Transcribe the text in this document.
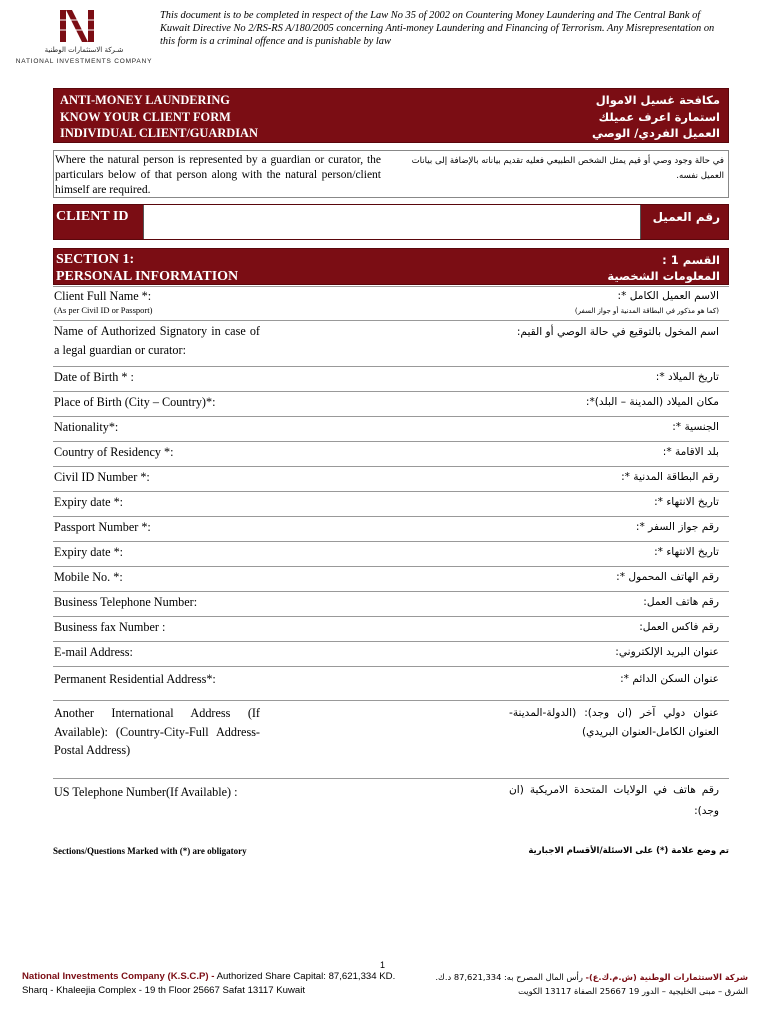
شـركة الاستثمارات الوطنية
NATIONAL INVESTMENTS COMPANY
This document is to be completed in respect of the Law No 35 of 2002 on Countering Money Laundering and The Central Bank of Kuwait Directive No 2/RS-RS A/180/2005 concerning Anti-money Laundering and Financing of Terrorism. Any Misrepresentation on this form is a criminal offence and is punishable by law
ANTI-MONEY LAUNDERING
KNOW YOUR CLIENT FORM
INDIVIDUAL CLIENT/GUARDIAN
مكافحة غسيل الاموال
استمارة اعرف عميلك
العميل الفردي/ الوصي
Where the natural person is represented by a guardian or curator, the particulars below of that person along with the natural person/client himself are required.
في حالة وجود وصي أو قيم يمثل الشخص الطبيعي فعليه تقديم بياناته بالإضافة إلى بيانات العميل نفسه.
CLIENT ID	رقم العميل
SECTION 1:
PERSONAL INFORMATION
القسم 1 :
المعلومات الشخصية
Client Full Name *:
(As per Civil ID or Passport)
الاسم العميل الكامل *:
(كما هو مذكور في البطاقة المدنية أو جواز السفر)
Name of Authorized Signatory in case of a legal guardian or curator:
اسم المخول بالتوقيع في حالة الوصي أو القيم:
Date of Birth * :	تاريخ الميلاد *:
Place of Birth (City – Country)*:	مكان الميلاد (المدينة – البلد)*:
Nationality*:	الجنسية *:
Country of Residency *:	بلد الاقامة *:
Civil ID Number *:	رقم البطاقة المدنية *:
Expiry date *:	تاريخ الانتهاء *:
Passport Number *:	رقم جواز السفر *:
Expiry date *:	تاريخ الانتهاء *:
Mobile No. *:	رقم الهاتف المحمول *:
Business Telephone Number:	رقم هاتف العمل:
Business fax Number :	رقم فاكس العمل:
E-mail Address:	عنوان البريد الإلكتروني:
Permanent Residential Address*:	عنوان السكن الدائم *:
Another International Address (If Available): (Country-City-Full Address-Postal Address)
عنوان دولي آخر (ان وجد): (الدولة-المدينة-العنوان الكامل-العنوان البريدي)
US Telephone Number(If Available) :	رقم هاتف في الولايات المتحدة الامريكية (ان وجد):
Sections/Questions Marked with (*) are obligatory	تم وضع علامة (*) على الاسئلة/الأقسام الاجبارية
1
National Investments Company (K.S.C.P) - Authorized Share Capital: 87,621,334 KD.
Sharq - Khaleejia Complex - 19 th Floor 25667 Safat 13117 Kuwait
شركة الاستثمارات الوطنية (ش.م.ك.ع)- رأس المال المصرح به: 87,621,334 د.ك.
الشرق – مبنى الخليجية – الدور 19 25667 الصفاة 13117 الكويت
